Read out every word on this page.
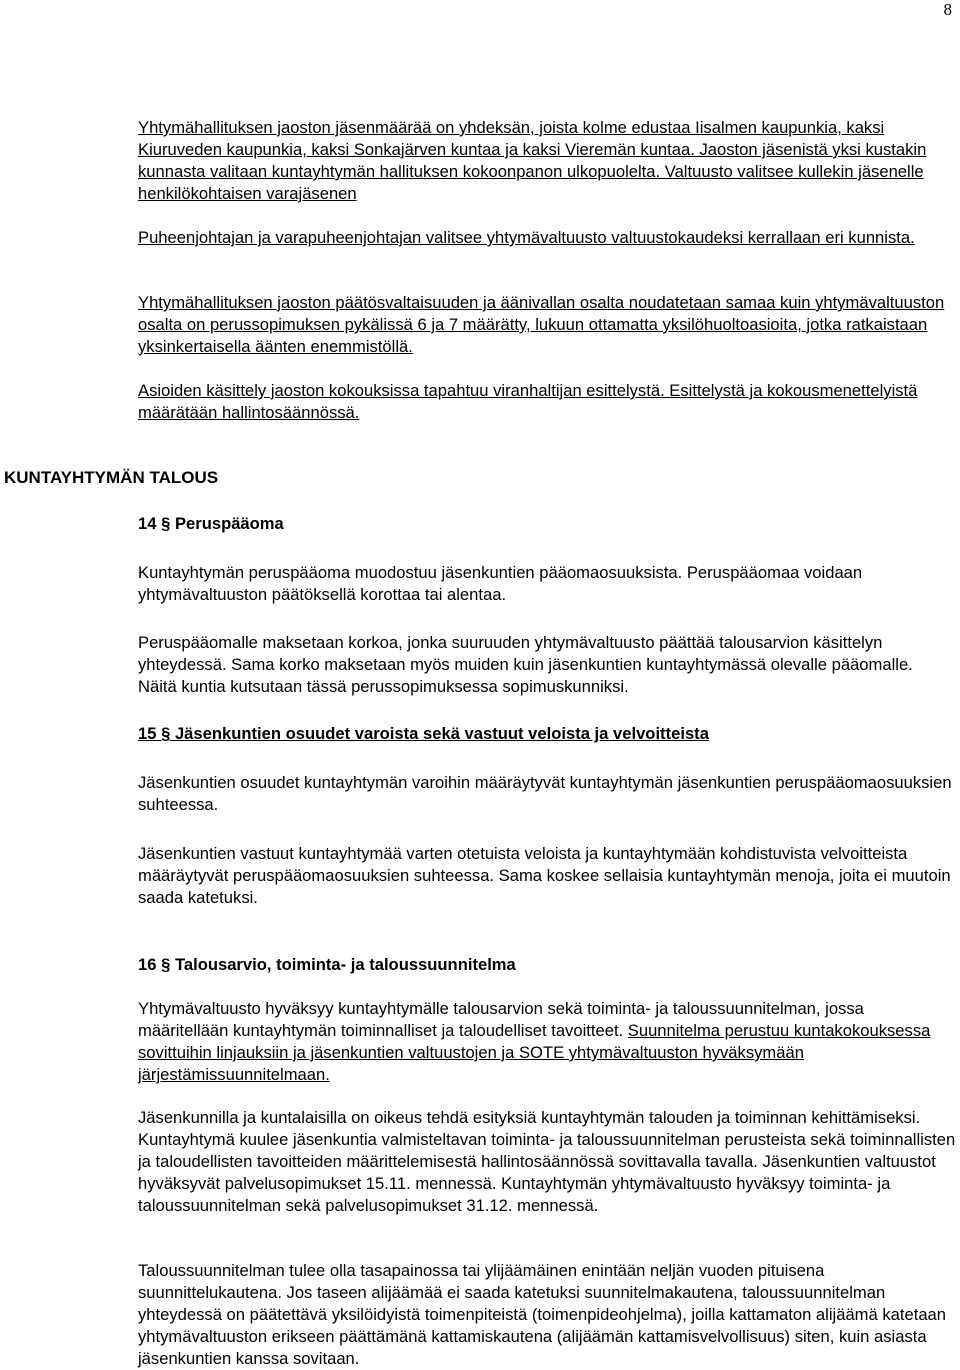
8

Yhtymähallituksen jaoston jäsenmäärää on yhdeksän, joista kolme edustaa Iisalmen kaupunkia, kaksi Kiuruveden kaupunkia, kaksi Sonkajärven kuntaa ja kaksi Vieremän kuntaa. Jaoston jäsenistä yksi kustakin kunnasta valitaan kuntayhtymän hallituksen kokoonpanon ulkopuolelta. Valtuusto valitsee kullekin jäsenelle henkilökohtaisen varajäsenen

Puheenjohtajan ja varapuheenjohtajan valitsee yhtymävaltuusto valtuustokaudeksi kerrallaan eri kunnista.

Yhtymähallituksen jaoston päätösvaltaisuuden ja äänivallan osalta noudatetaan samaa kuin yhtymävaltuuston osalta on perussopimuksen pykälissä 6 ja 7 määrätty, lukuun ottamatta yksilöhuoltoasioita, jotka ratkaistaan yksinkertaisella äänten enemmistöllä.

Asioiden käsittely jaoston kokouksissa tapahtuu viranhaltijan esittelystä. Esittelystä ja kokousmenettelyistä määrätään hallintosäännössä.

KUNTAYHTYMÄN TALOUS
14 § Peruspääoma

Kuntayhtymän peruspääoma muodostuu jäsenkuntien pääomaosuuksista. Peruspääomaa voidaan yhtymävaltuuston päätöksellä korottaa tai alentaa.

Peruspääomalle maksetaan korkoa, jonka suuruuden yhtymävaltuusto päättää talousarvion käsittelyn yhteydessä. Sama korko maksetaan myös muiden kuin jäsenkuntien kuntayhtymässä olevalle pääomalle. Näitä kuntia kutsutaan tässä perussopimuksessa sopimuskunniksi.

15 § Jäsenkuntien osuudet varoista sekä vastuut veloista ja velvoitteista

Jäsenkuntien osuudet kuntayhtymän varoihin määräytyvät kuntayhtymän jäsenkuntien peruspääomaosuuksien suhteessa.

Jäsenkuntien vastuut kuntayhtymää varten otetuista veloista ja kuntayhtymään kohdistuvista velvoitteista määräytyvät peruspääomaosuuksien suhteessa. Sama koskee sellaisia kuntayhtymän menoja, joita ei muutoin saada katetuksi.

16 § Talousarvio, toiminta- ja taloussuunnitelma

Yhtymävaltuusto hyväksyy kuntayhtymälle talousarvion sekä toiminta- ja taloussuunnitelman, jossa määritellään kuntayhtymän toiminnalliset ja taloudelliset tavoitteet. Suunnitelma perustuu kuntakokouksessa sovittuihin linjauksiin ja jäsenkuntien valtuustojen ja SOTE yhtymävaltuuston hyväksymään järjestämissuunnitelmaan.

Jäsenkunnilla ja kuntalaisilla on oikeus tehdä esityksiä kuntayhtymän talouden ja toiminnan kehittämiseksi. Kuntayhtymä kuulee jäsenkuntia valmisteltavan toiminta- ja taloussuunnitelman perusteista sekä toiminnallisten ja taloudellisten tavoitteiden määrittelemisestä hallintosäännössä sovittavalla tavalla. Jäsenkuntien valtuustot hyväksyvät palvelusopimukset 15.11. mennessä. Kuntayhtymän yhtymävaltuusto hyväksyy toiminta- ja taloussuunnitelman sekä palvelusopimukset 31.12. mennessä.

Taloussuunnitelman tulee olla tasapainossa tai ylijäämäinen enintään neljän vuoden pituisena suunnittelukautena. Jos taseen alijäämää ei saada katetuksi suunnitelmakautena, taloussuunnitelman yhteydessä on päätettävä yksilöidyistä toimenpiteistä (toimenpideohjelma), joilla kattamaton alijäämä katetaan yhtymävaltuuston erikseen päättämänä kattamiskautena (alijäämän kattamisvelvollisuus) siten, kuin asiasta jäsenkuntien kanssa sovitaan.
